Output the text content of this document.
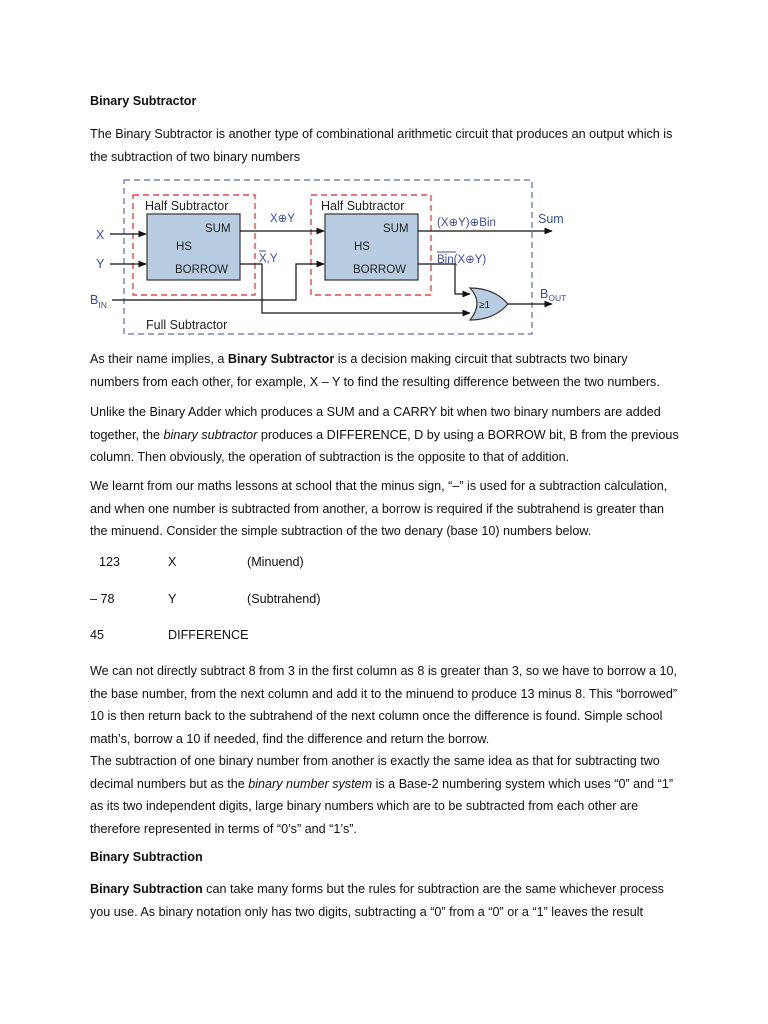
Binary Subtractor

The Binary Subtractor is another type of combinational arithmetic circuit that produces an output which is the subtraction of two binary numbers

Half Subtractor	Half Subtractor
SUM
HS
BORROW
SUM
HS
BORROW
X
Y
$B_{IN}$
X⊕Y
X,Y
(X⊕Y)⊕Bin	Sum
Bin(X⊕Y)
≥1
$B_{OUT}$
Full Subtractor

As their name implies, a Binary Subtractor is a decision making circuit that subtracts two binary numbers from each other, for example, X – Y to find the resulting difference between the two numbers.

Unlike the Binary Adder which produces a SUM and a CARRY bit when two binary numbers are added together, the binary subtractor produces a DIFFERENCE, D by using a BORROW bit, B from the previous column. Then obviously, the operation of subtraction is the opposite to that of addition.

We learnt from our maths lessons at school that the minus sign, “–” is used for a subtraction calculation, and when one number is subtracted from another, a borrow is required if the subtrahend is greater than the minuend. Consider the simple subtraction of the two denary (base 10) numbers below.

123	X	(Minuend)
– 78	Y	(Subtrahend)
45	DIFFERENCE

We can not directly subtract 8 from 3 in the first column as 8 is greater than 3, so we have to borrow a 10, the base number, from the next column and add it to the minuend to produce 13 minus 8. This “borrowed” 10 is then return back to the subtrahend of the next column once the difference is found. Simple school math’s, borrow a 10 if needed, find the difference and return the borrow.

The subtraction of one binary number from another is exactly the same idea as that for subtracting two decimal numbers but as the binary number system is a Base-2 numbering system which uses “0” and “1” as its two independent digits, large binary numbers which are to be subtracted from each other are therefore represented in terms of “0’s” and “1’s”.

Binary Subtraction

Binary Subtraction can take many forms but the rules for subtraction are the same whichever process you use. As binary notation only has two digits, subtracting a “0” from a “0” or a “1” leaves the result
